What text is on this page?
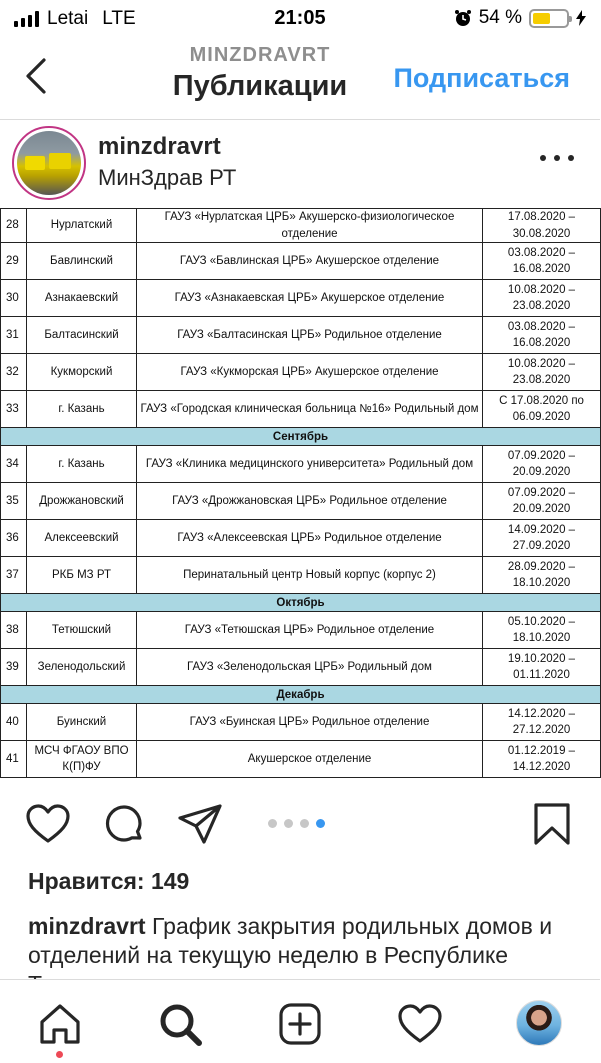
Letai LTE	21:05	54 %
MINZDRAVRT
Публикации	Подписаться
minzdravrt
МинЗдрав РТ
28	Нурлатский	ГАУЗ «Нурлатская ЦРБ» Акушерско-физиологическое отделение	17.08.2020 –
30.08.2020

29	Бавлинский	ГАУЗ «Бавлинская ЦРБ» Акушерское отделение	03.08.2020 –
16.08.2020

30	Азнакаевский	ГАУЗ «Азнакаевская ЦРБ» Акушерское отделение	10.08.2020 –
23.08.2020

31	Балтасинский	ГАУЗ «Балтасинская ЦРБ» Родильное отделение	03.08.2020 –
16.08.2020

32	Кукморский	ГАУЗ «Кукморская ЦРБ» Акушерское отделение	10.08.2020 –
23.08.2020

33	г. Казань	ГАУЗ «Городская клиническая больница №16» Родильный дом	С 17.08.2020 по
06.09.2020

Сентябрь			
34	г. Казань	ГАУЗ «Клиника медицинского университета» Родильный дом	07.09.2020 –
20.09.2020

35	Дрожжановский	ГАУЗ «Дрожжановская ЦРБ» Родильное отделение	07.09.2020 –
20.09.2020

36	Алексеевский	ГАУЗ «Алексеевская ЦРБ» Родильное отделение	14.09.2020 –
27.09.2020

37	РКБ МЗ РТ	Перинатальный центр Новый корпус (корпус 2)	28.09.2020 –
18.10.2020

Октябрь			
38	Тетюшский	ГАУЗ «Тетюшская ЦРБ» Родильное отделение	05.10.2020 –
18.10.2020

39	Зеленодольский	ГАУЗ «Зеленодольская ЦРБ» Родильный дом	19.10.2020 –
01.11.2020

Декабрь			
40	Буинский	ГАУЗ «Буинская ЦРБ» Родильное отделение	14.12.2020 –
27.12.2020

41	МСЧ ФГАОУ ВПО К(П)ФУ	Акушерское отделение	01.12.2019 –
14.12.2020
Нравится: 149
minzdravrt График закрытия родильных домов и отделений на текущую неделю в Республике
